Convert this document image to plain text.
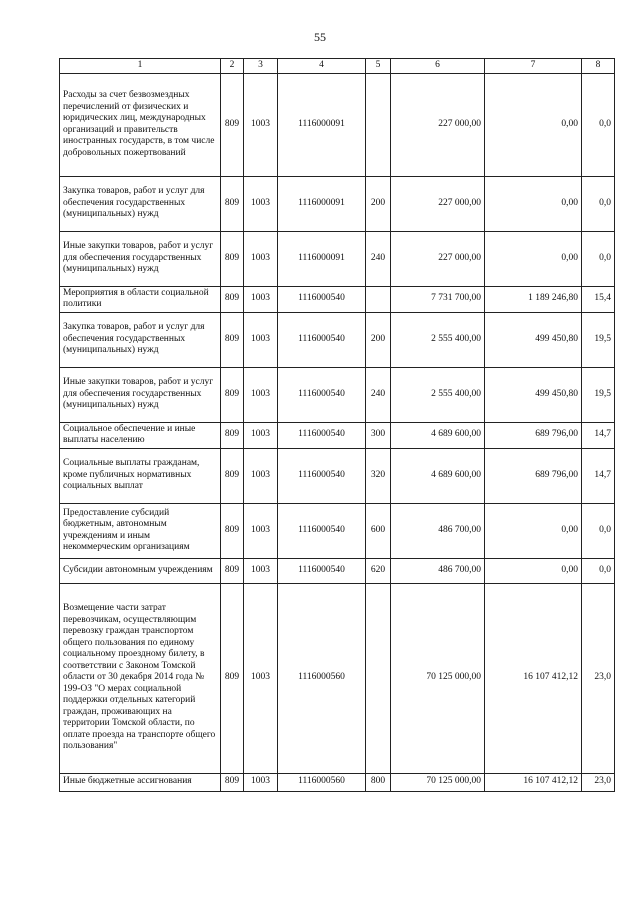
55
1	2	3	4	5	6	7	8
Расходы за счет безвозмездных перечислений от физических и юридических лиц, международных организаций и правительств иностранных государств, в том числе добровольных пожертвований	809	1003	1116000091		227 000,00	0,00	0,0
Закупка товаров, работ и услуг для обеспечения государственных (муниципальных) нужд	809	1003	1116000091	200	227 000,00	0,00	0,0
Иные закупки товаров, работ и услуг для обеспечения государственных (муниципальных) нужд	809	1003	1116000091	240	227 000,00	0,00	0,0
Мероприятия в области социальной политики	809	1003	1116000540		7 731 700,00	1 189 246,80	15,4
Закупка товаров, работ и услуг для обеспечения государственных (муниципальных) нужд	809	1003	1116000540	200	2 555 400,00	499 450,80	19,5
Иные закупки товаров, работ и услуг для обеспечения государственных (муниципальных) нужд	809	1003	1116000540	240	2 555 400,00	499 450,80	19,5
Социальное обеспечение и иные выплаты населению	809	1003	1116000540	300	4 689 600,00	689 796,00	14,7
Социальные выплаты гражданам, кроме публичных нормативных социальных выплат	809	1003	1116000540	320	4 689 600,00	689 796,00	14,7
Предоставление субсидий бюджетным, автономным учреждениям и иным некоммерческим организациям	809	1003	1116000540	600	486 700,00	0,00	0,0
Субсидии автономным учреждениям	809	1003	1116000540	620	486 700,00	0,00	0,0
Возмещение части затрат перевозчикам, осуществляющим перевозку граждан транспортом общего пользования по единому социальному проездному билету, в соответствии с Законом Томской области от 30 декабря 2014 года № 199-ОЗ "О мерах социальной поддержки отдельных категорий граждан, проживающих на территории Томской области, по оплате проезда на транспорте общего пользования"	809	1003	1116000560		70 125 000,00	16 107 412,12	23,0
Иные бюджетные ассигнования	809	1003	1116000560	800	70 125 000,00	16 107 412,12	23,0
